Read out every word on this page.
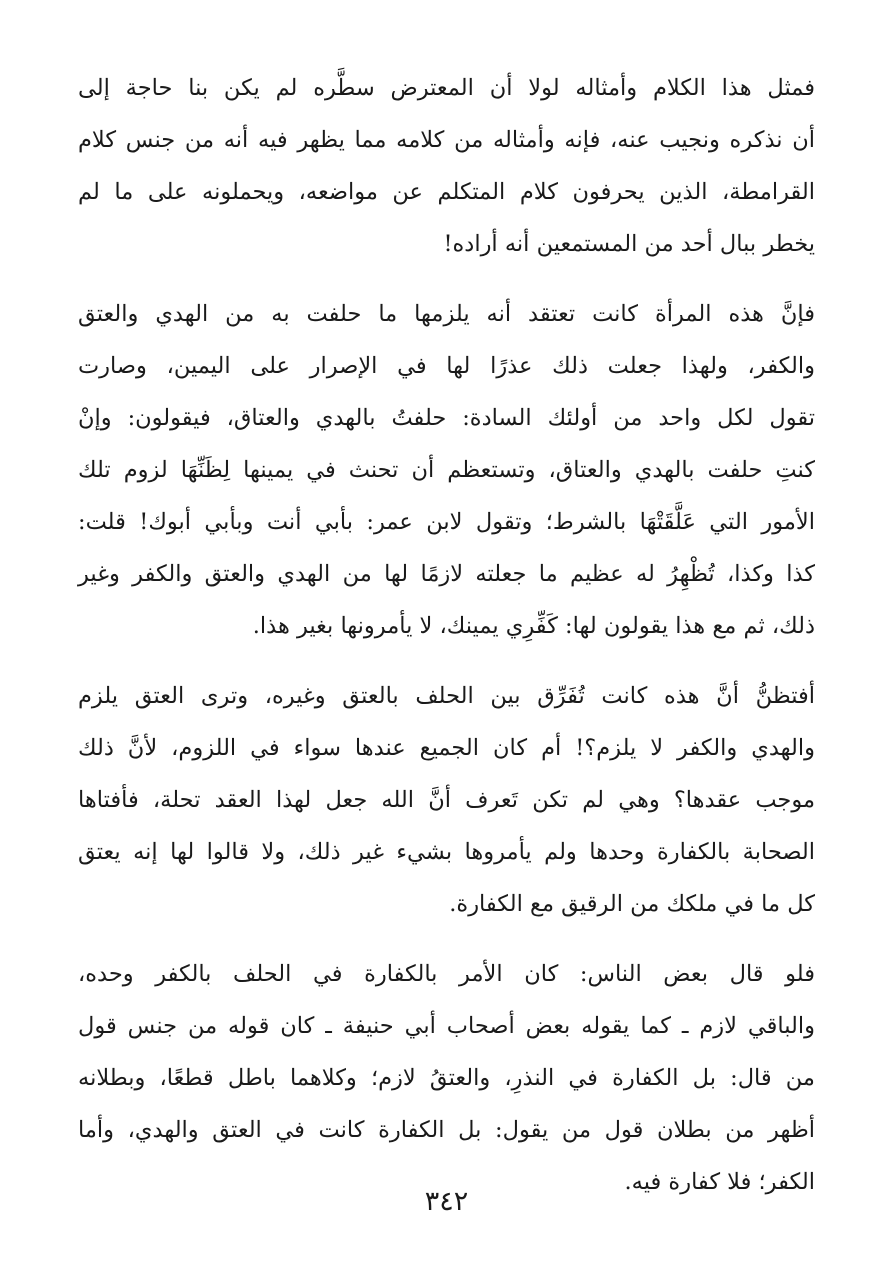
فمثل هذا الكلام وأمثاله لولا أن المعترض سطَّره لم يكن بنا حاجة إلى
أن نذكره ونجيب عنه، فإنه وأمثاله من كلامه مما يظهر فيه أنه من جنس كلام
القرامطة، الذين يحرفون كلام المتكلم عن مواضعه، ويحملونه على ما لم
يخطر ببال أحد من المستمعين أنه أراده!
فإنَّ هذه المرأة كانت تعتقد أنه يلزمها ما حلفت به من الهدي والعتق
والكفر، ولهذا جعلت ذلك عذرًا لها في الإصرار على اليمين، وصارت
تقول لكل واحد من أولئك السادة: حلفتُ بالهدي والعتاق، فيقولون: وإنْ
كنتِ حلفت بالهدي والعتاق، وتستعظم أن تحنث في يمينها لِظَنِّهَا لزوم تلك
الأمور التي عَلَّقَتْهَا بالشرط؛ وتقول لابن عمر: بأبي أنت وبأبي أبوك! قلت:
كذا وكذا، تُظْهِرُ له عظيم ما جعلته لازمًا لها من الهدي والعتق والكفر وغير
ذلك، ثم مع هذا يقولون لها: كَفِّرِي يمينك، لا يأمرونها بغير هذا.
أفتظنُّ أنَّ هذه كانت تُفَرِّق بين الحلف بالعتق وغيره، وترى العتق يلزم
والهدي والكفر لا يلزم؟! أم كان الجميع عندها سواء في اللزوم، لأنَّ ذلك
موجب عقدها؟ وهي لم تكن تَعرف أنَّ الله جعل لهذا العقد تحلة، فأفتاها
الصحابة بالكفارة وحدها ولم يأمروها بشيء غير ذلك، ولا قالوا لها إنه يعتق
كل ما في ملكك من الرقيق مع الكفارة.
فلو قال بعض الناس: كان الأمر بالكفارة في الحلف بالكفر وحده،
والباقي لازم ـ كما يقوله بعض أصحاب أبي حنيفة ـ كان قوله من جنس قول
من قال: بل الكفارة في النذرِ، والعتقُ لازم؛ وكلاهما باطل قطعًا، وبطلانه
أظهر من بطلان قول من يقول: بل الكفارة كانت في العتق والهدي، وأما
الكفر؛ فلا كفارة فيه.
٣٤٢
